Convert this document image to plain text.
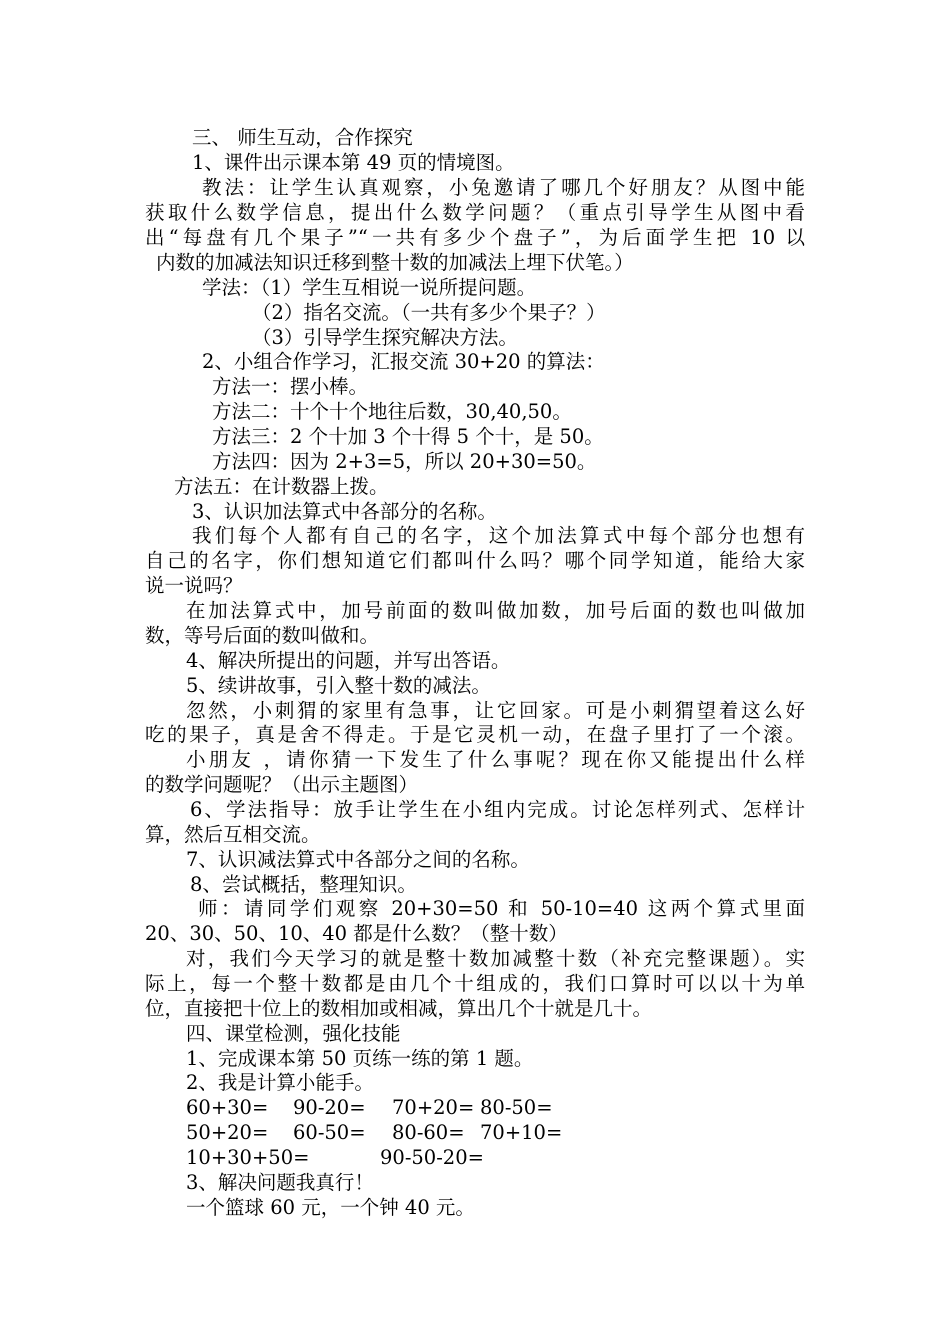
三、 师生互动，合作探究
1、课件出示课本第 49 页的情境图。
教法：让学生认真观察，小兔邀请了哪几个好朋友？从图中能
获取什么数学信息，提出什么数学问题？（重点引导学生从图中看
出“每盘有几个果子”“一共有多少个盘子”，为后面学生把 10 以
内数的加减法知识迁移到整十数的加减法上埋下伏笔。）
学法：（1）学生互相说一说所提问题。
（2）指名交流。（一共有多少个果子？）
（3）引导学生探究解决方法。
2、小组合作学习，汇报交流 30+20 的算法：
方法一：摆小棒。
方法二：十个十个地往后数，30,40,50。
方法三：2 个十加 3 个十得 5 个十，是 50。
方法四：因为 2+3=5，所以 20+30=50。
方法五：在计数器上拨。
3、认识加法算式中各部分的名称。
我们每个人都有自己的名字，这个加法算式中每个部分也想有
自己的名字，你们想知道它们都叫什么吗？哪个同学知道，能给大家
说一说吗？
在加法算式中，加号前面的数叫做加数，加号后面的数也叫做加
数，等号后面的数叫做和。
4、解决所提出的问题，并写出答语。
5、续讲故事，引入整十数的减法。
忽然，小刺猬的家里有急事，让它回家。可是小刺猬望着这么好
吃的果子，真是舍不得走。于是它灵机一动，在盘子里打了一个滚。
小朋友 ，请你猜一下发生了什么事呢？现在你又能提出什么样
的数学问题呢？（出示主题图）
6、学法指导：放手让学生在小组内完成。讨论怎样列式、怎样计
算，然后互相交流。
7、认识减法算式中各部分之间的名称。
8、尝试概括，整理知识。
师：请同学们观察 20+30=50 和 50-10=40 这两个算式里面
20、30、50、10、40 都是什么数？（整十数）
对，我们今天学习的就是整十数加减整十数（补充完整课题）。实
际上，每一个整十数都是由几个十组成的，我们口算时可以以十为单
位，直接把十位上的数相加或相减，算出几个十就是几十。
四、课堂检测，强化技能
1、完成课本第 50 页练一练的第 1 题。
2、我是计算小能手。
60+30= 90-20= 70+20= 80-50=
50+20= 60-50= 80-60= 70+10=
10+30+50=	90-50-20=
3、解决问题我真行！
一个篮球 60 元，一个钟 40 元。
